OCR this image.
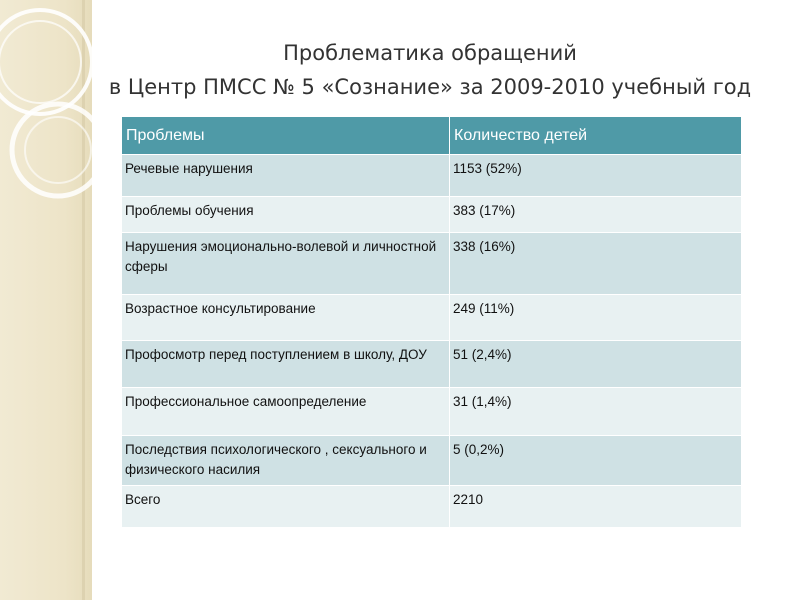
Проблематика обращений
в Центр ПМСС № 5 «Сознание» за 2009-2010 учебный год
Проблемы	Количество детей
Речевые нарушения	1153 (52%)
Проблемы обучения	383 (17%)
Нарушения эмоционально-волевой и личностной сферы	338 (16%)
Возрастное консультирование	249 (11%)
Профосмотр перед поступлением в школу, ДОУ	51 (2,4%)
Профессиональное самоопределение	31 (1,4%)
Последствия психологического , сексуального и физического насилия	5 (0,2%)
Всего	2210
